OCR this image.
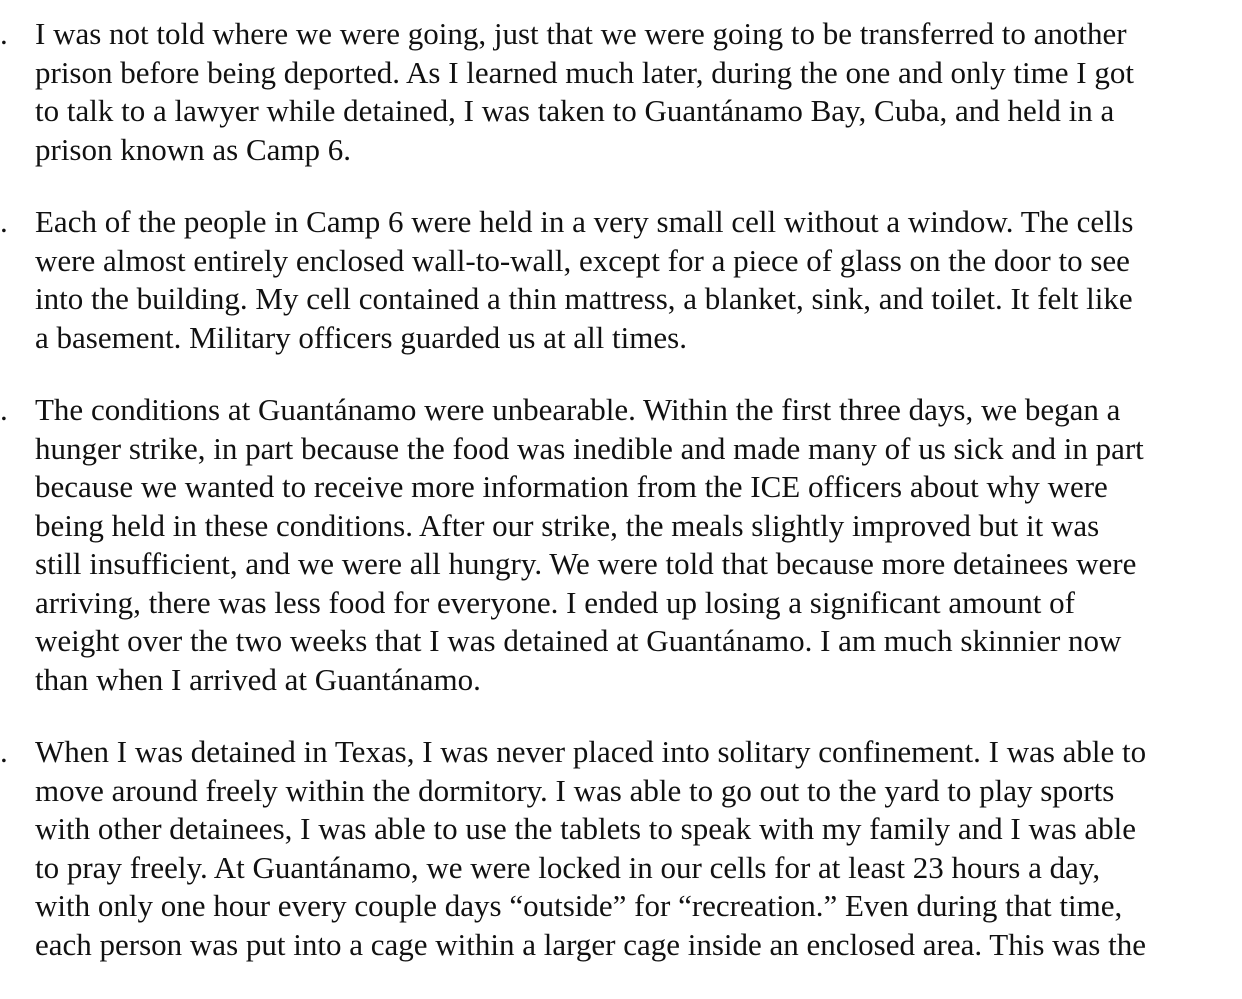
. I was not told where we were going, just that we were going to be transferred to another
prison before being deported. As I learned much later, during the one and only time I got
to talk to a lawyer while detained, I was taken to Guantánamo Bay, Cuba, and held in a
prison known as Camp 6.
. Each of the people in Camp 6 were held in a very small cell without a window. The cells
were almost entirely enclosed wall-to-wall, except for a piece of glass on the door to see
into the building. My cell contained a thin mattress, a blanket, sink, and toilet. It felt like
a basement. Military officers guarded us at all times.
. The conditions at Guantánamo were unbearable. Within the first three days, we began a
hunger strike, in part because the food was inedible and made many of us sick and in part
because we wanted to receive more information from the ICE officers about why were
being held in these conditions. After our strike, the meals slightly improved but it was
still insufficient, and we were all hungry. We were told that because more detainees were
arriving, there was less food for everyone. I ended up losing a significant amount of
weight over the two weeks that I was detained at Guantánamo. I am much skinnier now
than when I arrived at Guantánamo.
. When I was detained in Texas, I was never placed into solitary confinement. I was able to
move around freely within the dormitory. I was able to go out to the yard to play sports
with other detainees, I was able to use the tablets to speak with my family and I was able
to pray freely. At Guantánamo, we were locked in our cells for at least 23 hours a day,
with only one hour every couple days “outside” for “recreation.” Even during that time,
each person was put into a cage within a larger cage inside an enclosed area. This was the
